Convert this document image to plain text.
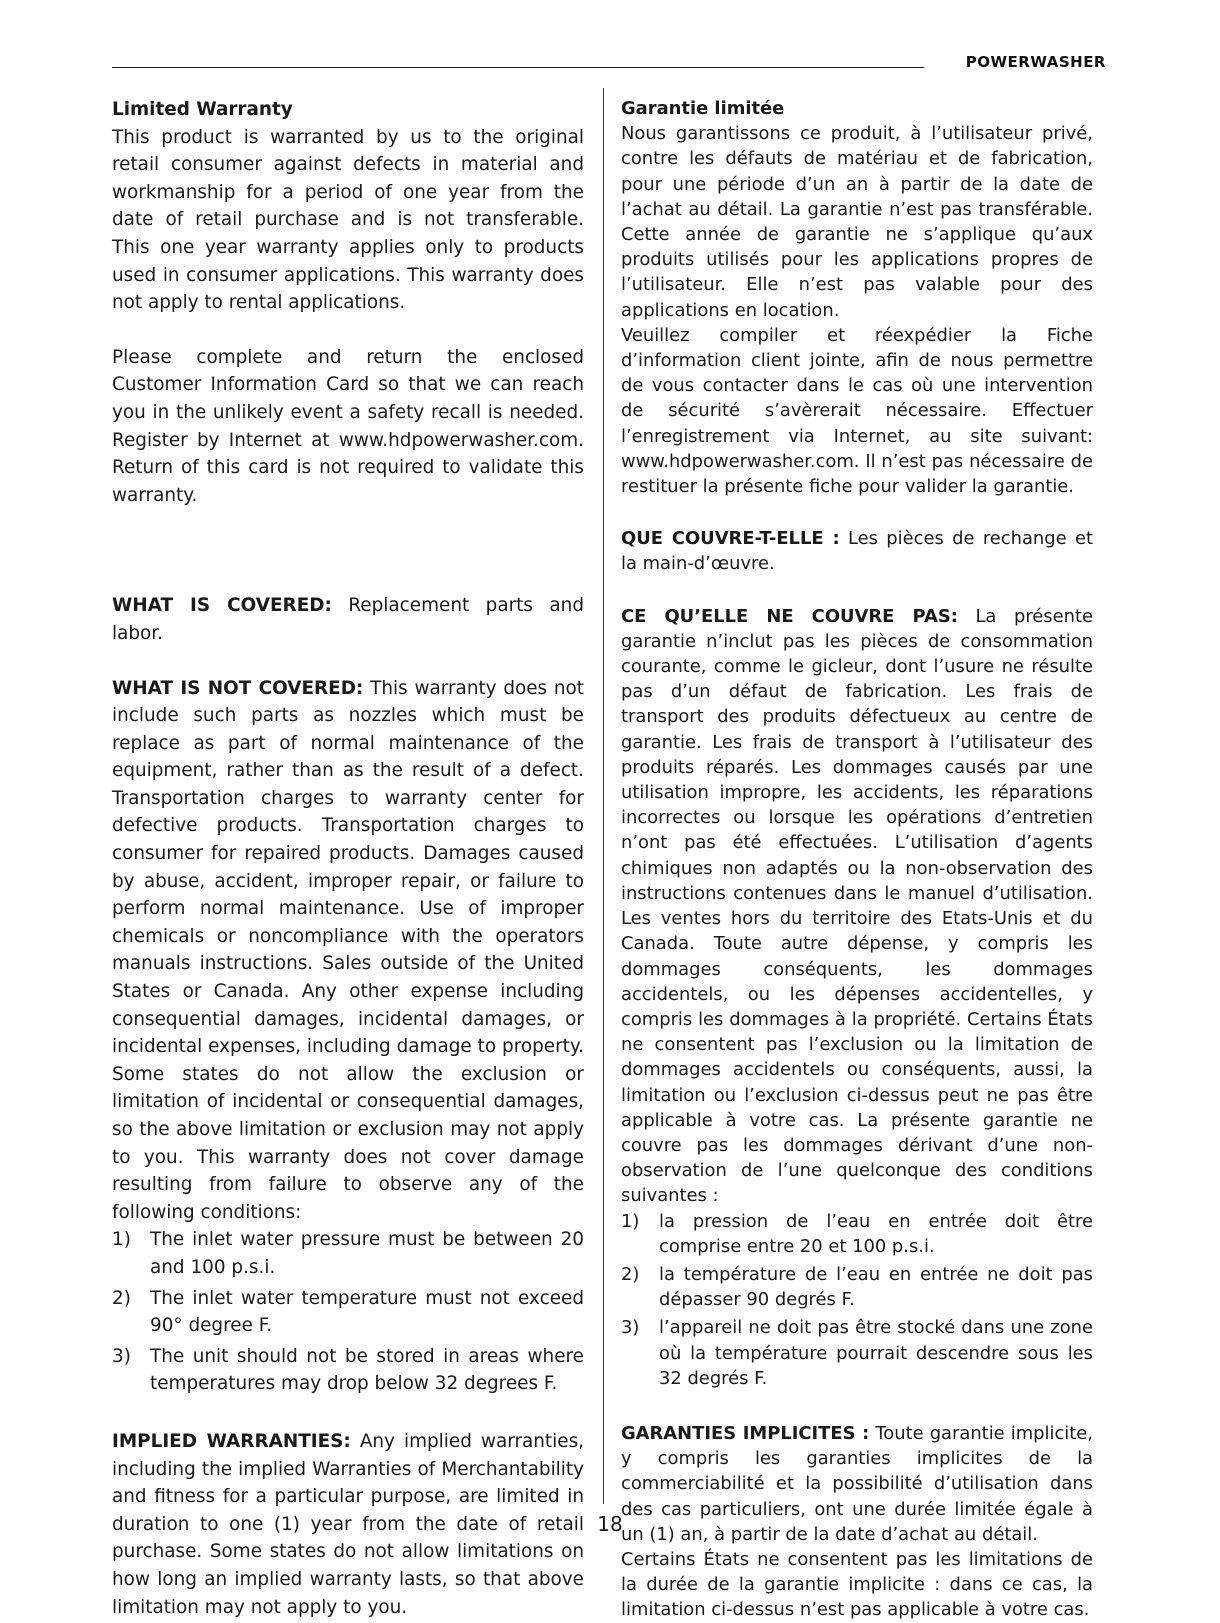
POWERWASHER

Limited Warranty

This product is warranted by us to the original retail consumer against defects in material and workmanship for a period of one year from the date of retail purchase and is not transferable. This one year warranty applies only to products used in consumer applications. This warranty does not apply to rental applications.

Please complete and return the enclosed Customer Information Card so that we can reach you in the unlikely event a safety recall is needed. Register by Internet at www.hdpowerwasher.com. Return of this card is not required to validate this warranty.

WHAT IS COVERED: Replacement parts and labor.

WHAT IS NOT COVERED: This warranty does not include such parts as nozzles which must be replace as part of normal maintenance of the equipment, rather than as the result of a defect. Transportation charges to warranty center for defective products. Transportation charges to consumer for repaired products. Damages caused by abuse, accident, improper repair, or failure to perform normal maintenance. Use of improper chemicals or noncompliance with the operators manuals instructions. Sales outside of the United States or Canada. Any other expense including consequential damages, incidental damages, or incidental expenses, including damage to property. Some states do not allow the exclusion or limitation of incidental or consequential damages, so the above limitation or exclusion may not apply to you. This warranty does not cover damage resulting from failure to observe any of the following conditions:

1)	The inlet water pressure must be between 20 and 100 p.s.i.
2)	The inlet water temperature must not exceed 90° degree F.
3)	The unit should not be stored in areas where temperatures may drop below 32 degrees F.

IMPLIED WARRANTIES: Any implied warranties, including the implied Warranties of Merchantability and fitness for a particular purpose, are limited in duration to one (1) year from the date of retail purchase. Some states do not allow limitations on how long an implied warranty lasts, so that above limitation may not apply to you.

Garantie limitée

Nous garantissons ce produit, à l’utilisateur privé, contre les défauts de matériau et de fabrication, pour une période d’un an à partir de la date de l’achat au détail. La garantie n’est pas transférable. Cette année de garantie ne s’applique qu’aux produits utilisés pour les applications propres de l’utilisateur. Elle n’est pas valable pour des applications en location.

Veuillez compiler et réexpédier la Fiche d’information client jointe, afin de nous permettre de vous contacter dans le cas où une intervention de sécurité s’avèrerait nécessaire. Effectuer l’enregistrement via Internet, au site suivant: www.hdpowerwasher.com. Il n’est pas nécessaire de restituer la présente fiche pour valider la garantie.

QUE COUVRE-T-ELLE : Les pièces de rechange et la main-d’œuvre.

CE QU’ELLE NE COUVRE PAS: La présente garantie n’inclut pas les pièces de consommation courante, comme le gicleur, dont l’usure ne résulte pas d’un défaut de fabrication. Les frais de transport des produits défectueux au centre de garantie. Les frais de transport à l’utilisateur des produits réparés. Les dommages causés par une utilisation impropre, les accidents, les réparations incorrectes ou lorsque les opérations d’entretien n’ont pas été effectuées. L’utilisation d’agents chimiques non adaptés ou la non-observation des instructions contenues dans le manuel d’utilisation. Les ventes hors du territoire des Etats-Unis et du Canada. Toute autre dépense, y compris les dommages conséquents, les dommages accidentels, ou les dépenses accidentelles, y compris les dommages à la propriété. Certains États ne consentent pas l’exclusion ou la limitation de dommages accidentels ou conséquents, aussi, la limitation ou l’exclusion ci-dessus peut ne pas être applicable à votre cas. La présente garantie ne couvre pas les dommages dérivant d’une non-observation de l’une quelconque des conditions suivantes :

1)	la pression de l’eau en entrée doit être comprise entre 20 et 100 p.s.i.
2)	la température de l’eau en entrée ne doit pas dépasser 90 degrés F.
3)	l’appareil ne doit pas être stocké dans une zone où la température pourrait descendre sous les 32 degrés F.

GARANTIES IMPLICITES : Toute garantie implicite, y compris les garanties implicites de la commerciabilité et la possibilité d’utilisation dans des cas particuliers, ont une durée limitée égale à un (1) an, à partir de la date d’achat au détail.

Certains États ne consentent pas les limitations de la durée de la garantie implicite : dans ce cas, la limitation ci-dessus n’est pas applicable à votre cas.

18
